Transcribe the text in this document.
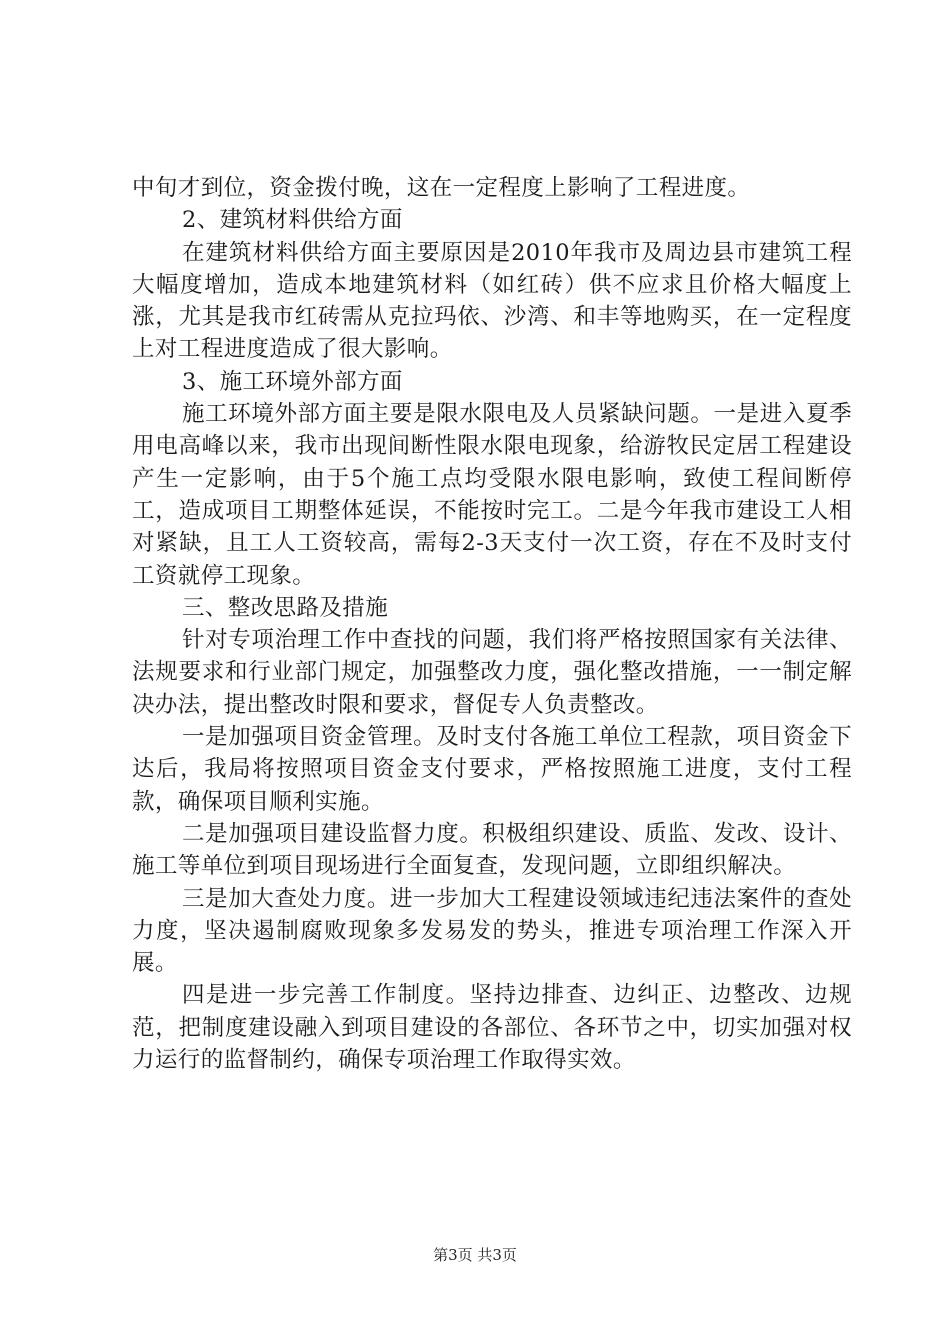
中旬才到位，资金拨付晚，这在一定程度上影响了工程进度。

2、建筑材料供给方面

在建筑材料供给方面主要原因是2010年我市及周边县市建筑工程大幅度增加，造成本地建筑材料（如红砖）供不应求且价格大幅度上涨，尤其是我市红砖需从克拉玛依、沙湾、和丰等地购买，在一定程度上对工程进度造成了很大影响。

3、施工环境外部方面

施工环境外部方面主要是限水限电及人员紧缺问题。一是进入夏季用电高峰以来，我市出现间断性限水限电现象，给游牧民定居工程建设产生一定影响，由于5个施工点均受限水限电影响，致使工程间断停工，造成项目工期整体延误，不能按时完工。二是今年我市建设工人相对紧缺，且工人工资较高，需每2-3天支付一次工资，存在不及时支付工资就停工现象。

三、整改思路及措施

针对专项治理工作中查找的问题，我们将严格按照国家有关法律、法规要求和行业部门规定，加强整改力度，强化整改措施，一一制定解决办法，提出整改时限和要求，督促专人负责整改。

一是加强项目资金管理。及时支付各施工单位工程款，项目资金下达后，我局将按照项目资金支付要求，严格按照施工进度，支付工程款，确保项目顺利实施。

二是加强项目建设监督力度。积极组织建设、质监、发改、设计、施工等单位到项目现场进行全面复查，发现问题，立即组织解决。

三是加大查处力度。进一步加大工程建设领域违纪违法案件的查处力度，坚决遏制腐败现象多发易发的势头，推进专项治理工作深入开展。

四是进一步完善工作制度。坚持边排查、边纠正、边整改、边规范，把制度建设融入到项目建设的各部位、各环节之中，切实加强对权力运行的监督制约，确保专项治理工作取得实效。

第3页 共3页
